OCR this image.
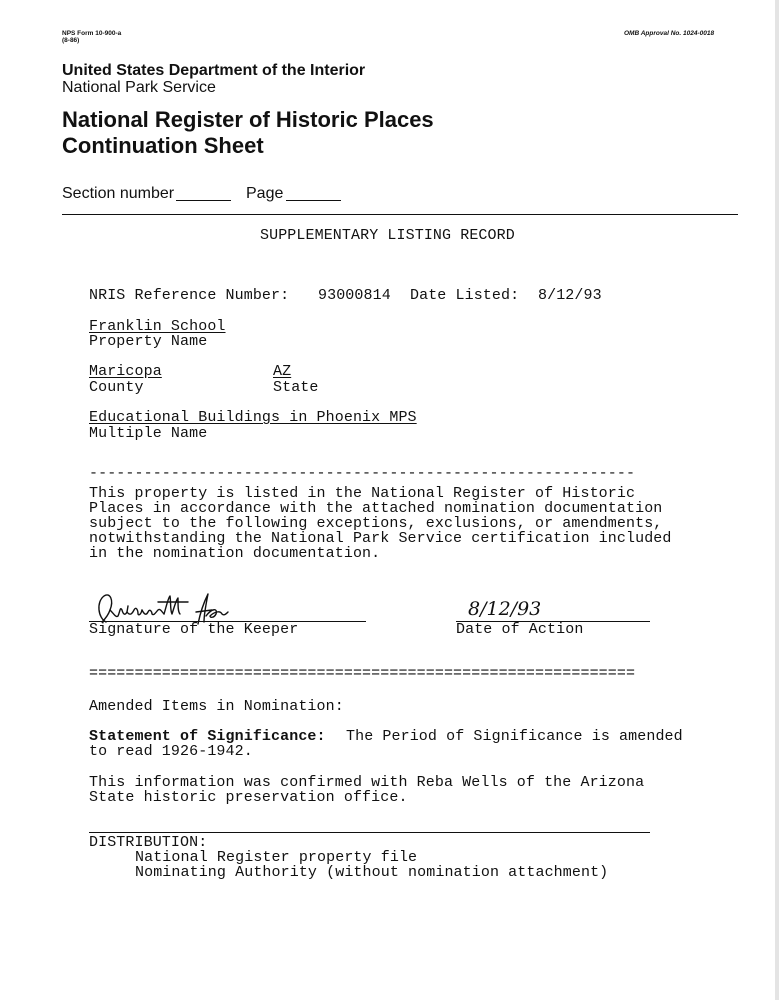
NPS Form 10-900-a
(8-86)
OMB Approval No. 1024-0018
United States Department of the Interior
National Park Service
National Register of Historic Places
Continuation Sheet
Section number	Page
SUPPLEMENTARY LISTING RECORD
NRIS Reference Number: 93000814 Date Listed: 8/12/93
Franklin School
Property Name
Maricopa
County
AZ
State
Educational Buildings in Phoenix MPS
Multiple Name
------------------------------------------------------------
This property is listed in the National Register of Historic
Places in accordance with the attached nomination documentation
subject to the following exceptions, exclusions, or amendments,
notwithstanding the National Park Service certification included
in the nomination documentation.
Signature of the Keeper
8/12/93
Date of Action
============================================================
Amended Items in Nomination:
Statement of Significance: The Period of Significance is amended
to read 1926-1942.
This information was confirmed with Reba Wells of the Arizona
State historic preservation office.
DISTRIBUTION:
National Register property file
Nominating Authority (without nomination attachment)
